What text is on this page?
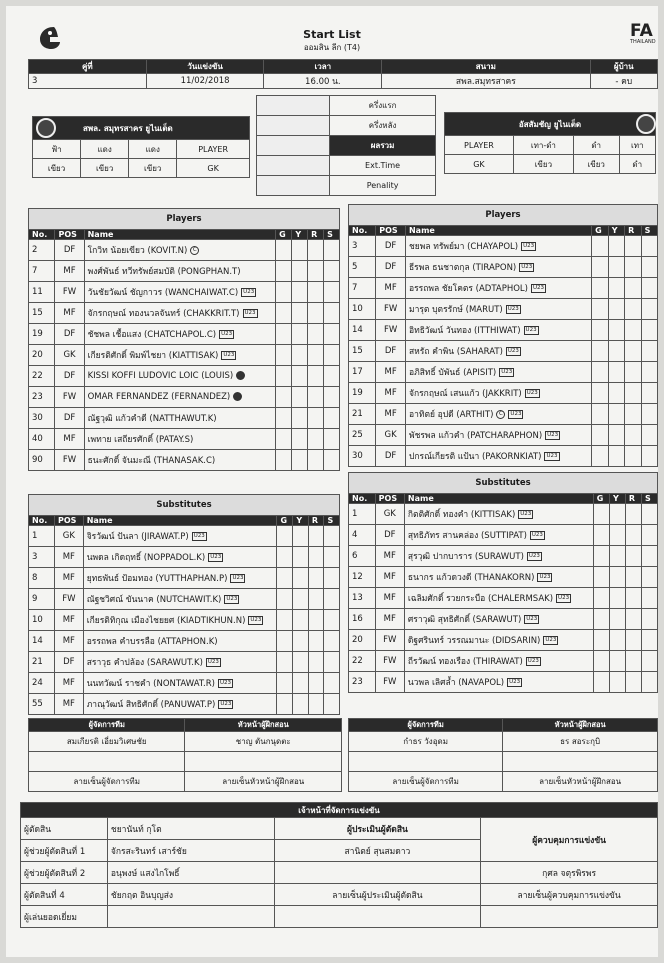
FA
THAILAND
Start List
ออมสิน ลีก (T4)
คู่ที่	วันแข่งขัน	เวลา	สนาม	ผู้บ้าน
3	11/02/2018	16.00 น.	สพล.สมุทรสาคร	- คบ
สพล. สมุทรสาคร ยูไนเต็ด			
ฟ้า	แดง	แดง	PLAYER
เขียว	เขียว	เขียว	GK
	ครึ่งแรก
	ครึ่งหลัง
	ผลรวม
	Ext.Time
	Penality
อัสสัมชัญ ยูไนเต็ด			
PLAYER	เทา-ดำ	ดำ	เทา
GK	เขียว	เขียว	ดำ
Players						
No.	POS	Name	G	Y	R	S
2	DF	โกวิท น้อยเขียว (KOVIT.N) C				
7	MF	พงศ์พันธ์ ทวีทรัพย์สมบัติ (PONGPHAN.T)				
11	FW	วันชัยวัฒน์ ชัญกาวร (WANCHAIWAT.C) U23				
15	MF	จักรกฤษณ์ ทองนวลจันทร์ (CHAKKRIT.T) U23				
19	DF	ชัชพล เชื้อแสง (CHATCHAPOL.C) U23				
20	GK	เกียรติศักดิ์ พิมพ์ไชยา (KIATTISAK) U23				
22	DF	KISSI KOFFI LUDOVIC LOIC (LOUIS)				
23	FW	OMAR FERNANDEZ (FERNANDEZ)				
30	DF	ณัฐวุฒิ แก้วคำดี (NATTHAWUT.K)				
40	MF	เพทาย เสถียรศักดิ์ (PATAY.S)				
90	FW	ธนะศักดิ์ จันมะณี (THANASAK.C)				
Substitutes						
No.	POS	Name	G	Y	R	S
1	GK	จิรวัฒน์ ปันลา (JIRAWAT.P) U23				
3	MF	นพดล เกิดฤทธิ์ (NOPPADOL.K) U23				
8	MF	ยุทธพันธ์ ป้อมทอง (YUTTHAPHAN.P) U23				
9	FW	ณัฐชวิศณ์ ขันนาค (NUTCHAWIT.K) U23				
10	MF	เกียรติทิกุณ เมืองไชยยศ (KIADTIKHUN.N) U23				
14	MF	อรรถพล คำบรรลือ (ATTAPHON.K)				
21	DF	สราวุธ คำปล้อง (SARAWUT.K) U23				
24	MF	นนทวัฒน์ ราชคำ (NONTAWAT.R) U23				
55	MF	ภาณุวัฒน์ สิทธิศักดิ์ (PANUWAT.P) U23				
Players						
No.	POS	Name	G	Y	R	S
3	DF	ชยพล ทรัพย์มา (CHAYAPOL) U23				
5	DF	ธีรพล ธนชาตกุล (TIRAPON) U23				
7	MF	อรรถพล ชัยโคตร (ADTAPHOL) U23				
10	FW	มารุต บุตรรักษ์ (MARUT) U23				
14	FW	อิทธิวัฒน์ วันทอง (ITTHIWAT) U23				
15	DF	สหรัถ คำพิน (SAHARAT) U23				
17	MF	อภิสิทธิ์ บัพันธ์ (APISIT) U23				
19	MF	จักรกฤษณ์ เสนแก้ว (JAKKRIT) U23				
21	MF	อาทิตย์ อุปดี (ARTHIT) C U23				
25	GK	พัชรพล แก้วคำ (PATCHARAPHON) U23				
30	DF	ปกรณ์เกียรติ แป้นา (PAKORNKIAT) U23				
Substitutes						
No.	POS	Name	G	Y	R	S
1	GK	กิตติศักดิ์ ทองคำ (KITTISAK) U23				
4	DF	สุทธิภัทร สานคล่อง (SUTTIPAT) U23				
6	MF	สุรวุฒิ ปากบาราร (SURAWUT) U23				
12	MF	ธนากร แก้วดวงดี (THANAKORN) U23				
13	MF	เฉลิมศักดิ์ รวยกระบือ (CHALERMSAK) U23				
16	MF	ศราวุฒิ สุทธิศักดิ์ (SARAWUT) U23				
20	FW	ดิฐศรินทร์ วรรณมานะ (DIDSARIN) U23				
22	FW	ถีรวัฒน์ ทองเรือง (THIRAWAT) U23				
23	FW	นวพล เลิศล้ำ (NAVAPOL) U23				
ผู้จัดการทีม	หัวหน้าผู้ฝึกสอน
สมเกียรติ เอี่ยมวิเศษชัย	ชาญ ตันกนุดตะ

ลายเซ็นผู้จัดการทีม	ลายเซ็นหัวหน้าผู้ฝึกสอน
ผู้จัดการทีม	หัวหน้าผู้ฝึกสอน
กำธร วังอุดม	ธร สอระกุบิ

ลายเซ็นผู้จัดการทีม	ลายเซ็นหัวหน้าผู้ฝึกสอน
เจ้าหน้าที่จัดการแข่งขัน			
ผู้ตัดสิน	ชยานันท์ กุโต	ผู้ประเมินผู้ตัดสิน	ผู้ควบคุมการแข่งขัน
ผู้ช่วยผู้ตัดสินที่ 1	จักรสะรินทร์ เสาร์ชัย	สานิตย์ สุนสมดาว	
ผู้ช่วยผู้ตัดสินที่ 2	อนุพงษ์ แสงไกโพธิ์		กุศล จตุรพิรพร
ผู้ตัดสินที่ 4	ชัยกฤต อินบุญส่ง	ลายเซ็นผู้ประเมินผู้ตัดสิน	ลายเซ็นผู้ควบคุมการแข่งขัน
ผู้เล่นยอดเยี่ยม			
